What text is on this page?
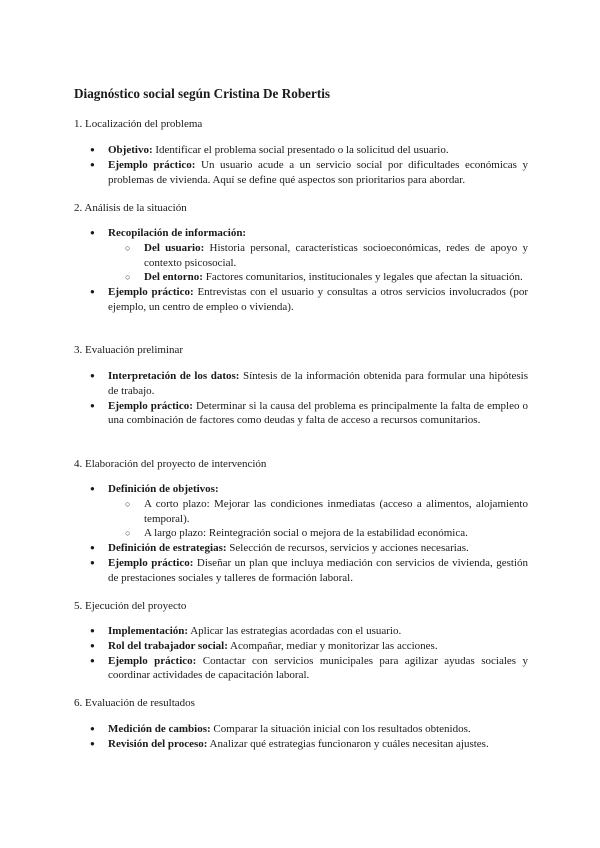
Diagnóstico social según Cristina De Robertis

1. Localización del problema

● Objetivo: Identificar el problema social presentado o la solicitud del usuario.
● Ejemplo práctico: Un usuario acude a un servicio social por dificultades económicas y problemas de vivienda. Aquí se define qué aspectos son prioritarios para abordar.

2. Análisis de la situación

● Recopilación de información:
○ Del usuario: Historia personal, características socioeconómicas, redes de apoyo y contexto psicosocial.
○ Del entorno: Factores comunitarios, institucionales y legales que afectan la situación.
● Ejemplo práctico: Entrevistas con el usuario y consultas a otros servicios involucrados (por ejemplo, un centro de empleo o vivienda).

3. Evaluación preliminar

● Interpretación de los datos: Síntesis de la información obtenida para formular una hipótesis de trabajo.
● Ejemplo práctico: Determinar si la causa del problema es principalmente la falta de empleo o una combinación de factores como deudas y falta de acceso a recursos comunitarios.

4. Elaboración del proyecto de intervención

● Definición de objetivos:
○ A corto plazo: Mejorar las condiciones inmediatas (acceso a alimentos, alojamiento temporal).
○ A largo plazo: Reintegración social o mejora de la estabilidad económica.
● Definición de estrategias: Selección de recursos, servicios y acciones necesarias.
● Ejemplo práctico: Diseñar un plan que incluya mediación con servicios de vivienda, gestión de prestaciones sociales y talleres de formación laboral.

5. Ejecución del proyecto

● Implementación: Aplicar las estrategias acordadas con el usuario.
● Rol del trabajador social: Acompañar, mediar y monitorizar las acciones.
● Ejemplo práctico: Contactar con servicios municipales para agilizar ayudas sociales y coordinar actividades de capacitación laboral.

6. Evaluación de resultados

● Medición de cambios: Comparar la situación inicial con los resultados obtenidos.
● Revisión del proceso: Analizar qué estrategias funcionaron y cuáles necesitan ajustes.
